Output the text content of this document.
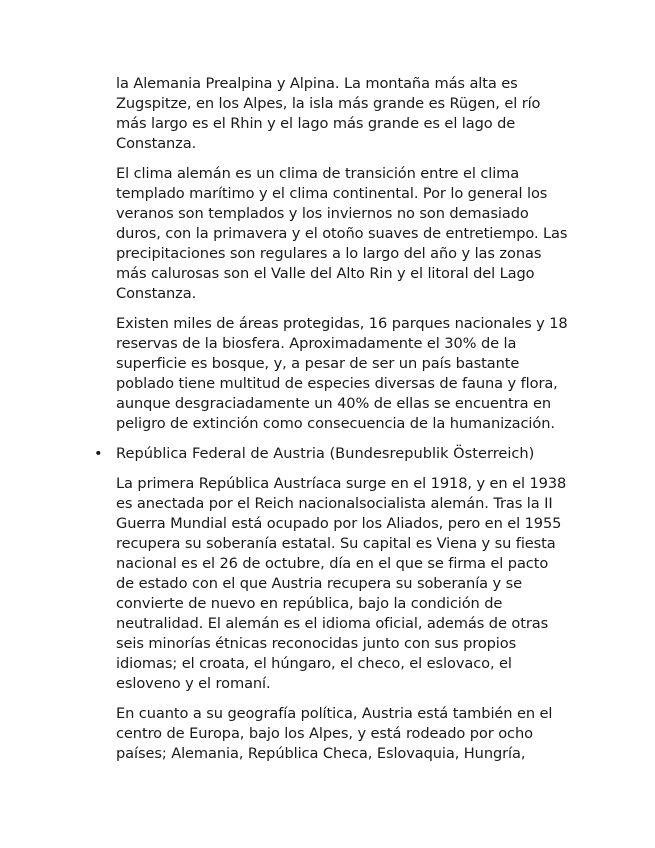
la Alemania Prealpina y Alpina. La montaña más alta es Zugspitze, en los Alpes, la isla más grande es Rügen, el río más largo es el Rhin y el lago más grande es el lago de Constanza.

El clima alemán es un clima de transición entre el clima templado marítimo y el clima continental. Por lo general los veranos son templados y los inviernos no son demasiado duros, con la primavera y el otoño suaves de entretiempo. Las precipitaciones son regulares a lo largo del año y las zonas más calurosas son el Valle del Alto Rin y el litoral del Lago Constanza.

Existen miles de áreas protegidas, 16 parques nacionales y 18 reservas de la biosfera. Aproximadamente el 30% de la superficie es bosque, y, a pesar de ser un país bastante poblado tiene multitud de especies diversas de fauna y flora, aunque desgraciadamente un 40% de ellas se encuentra en peligro de extinción como consecuencia de la humanización.

• República Federal de Austria (Bundesrepublik Österreich)

La primera República Austríaca surge en el 1918, y en el 1938 es anectada por el Reich nacionalsocialista alemán. Tras la II Guerra Mundial está ocupado por los Aliados, pero en el 1955 recupera su soberanía estatal. Su capital es Viena y su fiesta nacional es el 26 de octubre, día en el que se firma el pacto de estado con el que Austria recupera su soberanía y se convierte de nuevo en república, bajo la condición de neutralidad. El alemán es el idioma oficial, además de otras seis minorías étnicas reconocidas junto con sus propios idiomas; el croata, el húngaro, el checo, el eslovaco, el esloveno y el romaní.

En cuanto a su geografía política, Austria está también en el centro de Europa, bajo los Alpes, y está rodeado por ocho países; Alemania, República Checa, Eslovaquia, Hungría,
